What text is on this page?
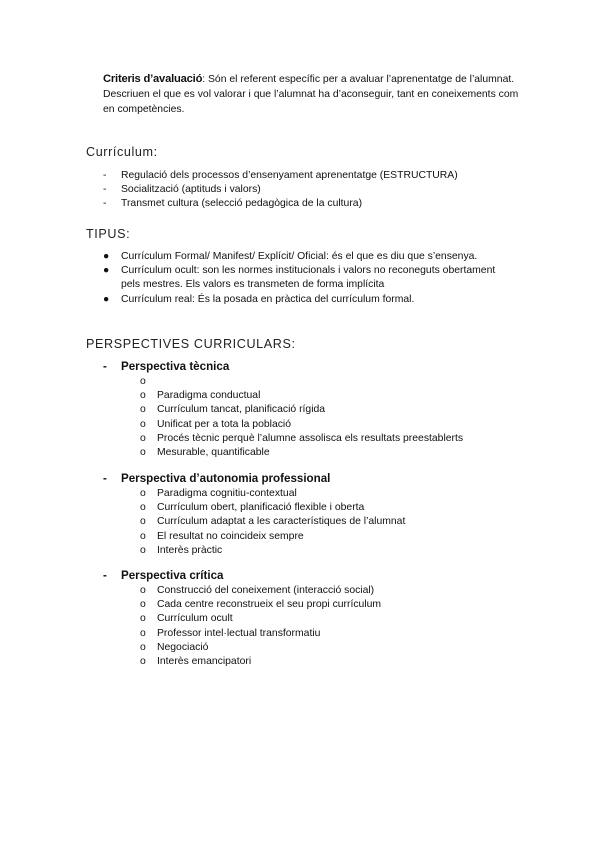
Criteris d’avaluació: Són el referent específic per a avaluar l’aprenentatge de l’alumnat. Descriuen el que es vol valorar i que l’alumnat ha d’aconseguir, tant en coneixements com en competències.
Currículum:
- Regulació dels processos d’ensenyament aprenentatge (ESTRUCTURA)
- Socialització (aptituds i valors)
- Transmet cultura (selecció pedagògica de la cultura)
TIPUS:
● Currículum Formal/ Manifest/ Explícit/ Oficial: és el que es diu que s’ensenya.
● Currículum ocult: son les normes institucionals i valors no reconeguts obertament pels mestres. Els valors es transmeten de forma implícita
● Currículum real: És la posada en pràctica del currículum formal.
PERSPECTIVES CURRICULARS:
- Perspectiva tècnica
o
o Paradigma conductual
o Currículum tancat, planificació rígida
o Unificat per a tota la població
o Procés tècnic perquè l’alumne assolisca els resultats preestablerts
o Mesurable, quantificable
- Perspectiva d’autonomia professional
o Paradigma cognitiu-contextual
o Currículum obert, planificació flexible i oberta
o Currículum adaptat a les característiques de l’alumnat
o El resultat no coincideix sempre
o Interès pràctic
- Perspectiva crítica
o Construcció del coneixement (interacció social)
o Cada centre reconstrueix el seu propi currículum
o Currículum ocult
o Professor intel·lectual transformatiu
o Negociació
o Interès emancipatori
